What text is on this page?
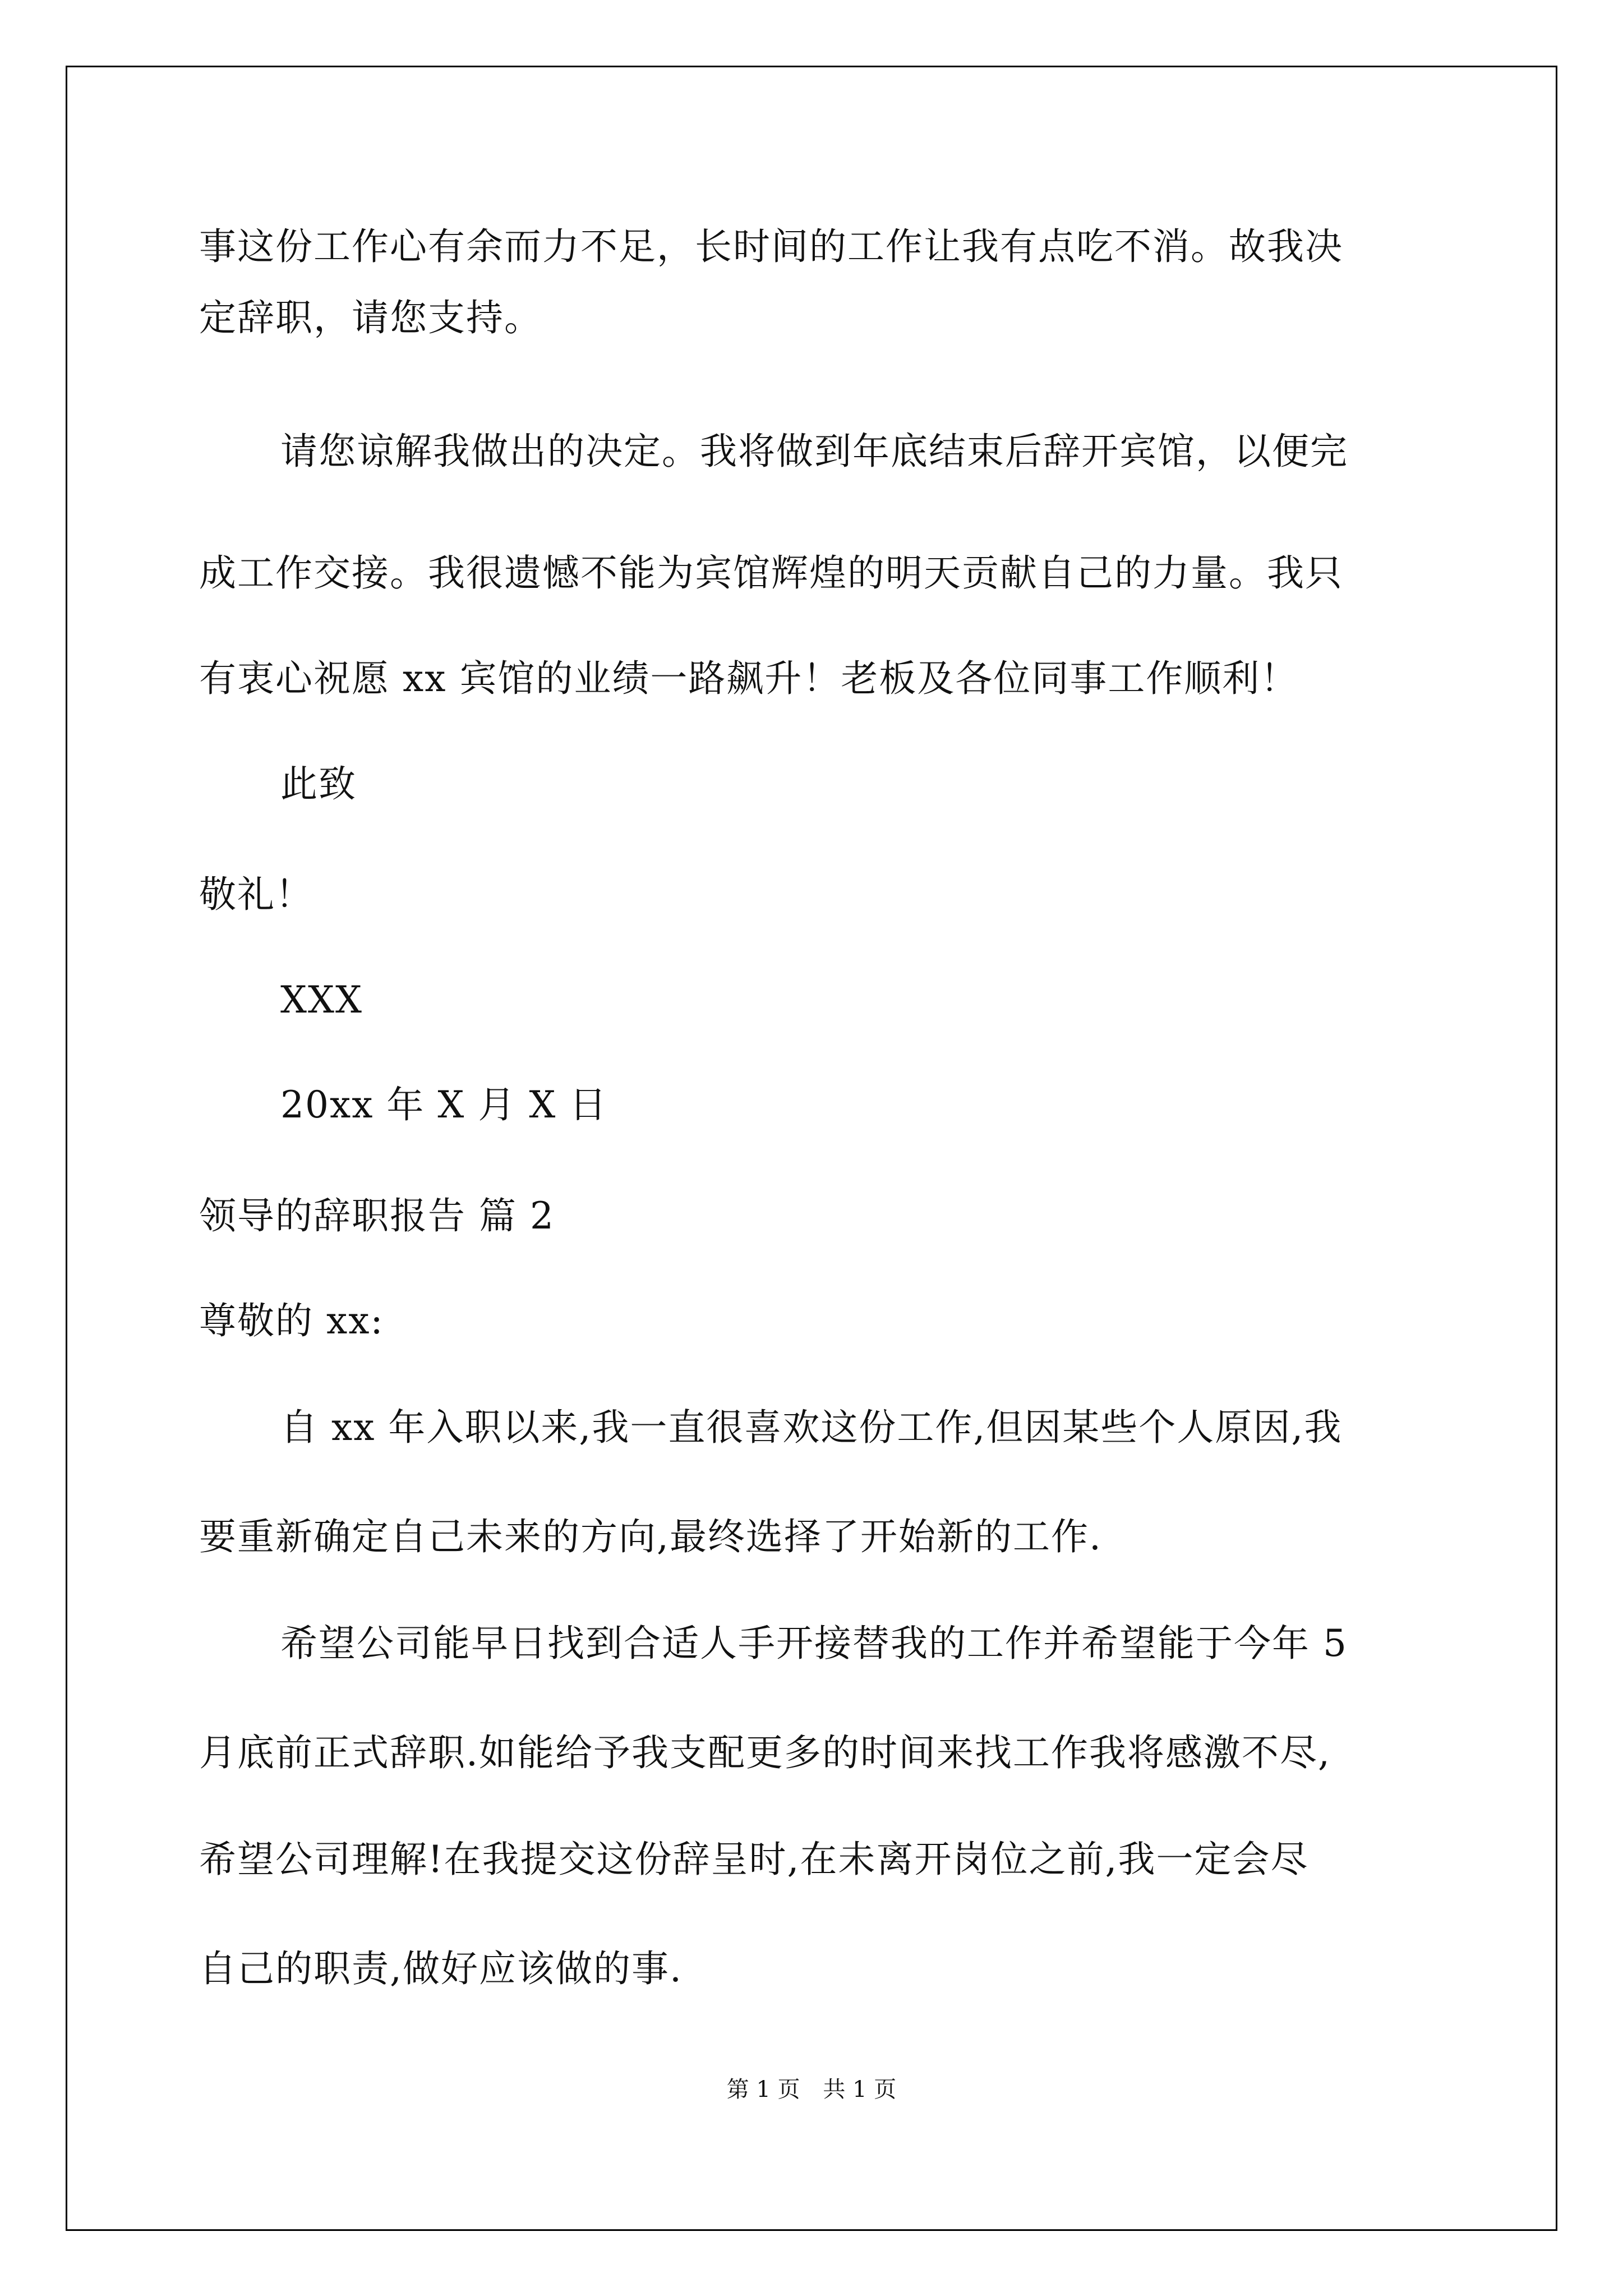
事这份工作心有余而力不足，长时间的工作让我有点吃不消。故我决
定辞职，请您支持。
请您谅解我做出的决定。我将做到年底结束后辞开宾馆，以便完
成工作交接。我很遗憾不能为宾馆辉煌的明天贡献自己的力量。我只
有衷心祝愿 xx 宾馆的业绩一路飙升！老板及各位同事工作顺利！
此致
敬礼！
XXX
20xx 年 X 月 X 日
领导的辞职报告 篇 2
尊敬的 xx:
自 xx 年入职以来,我一直很喜欢这份工作,但因某些个人原因,我
要重新确定自己未来的方向,最终选择了开始新的工作.
希望公司能早日找到合适人手开接替我的工作并希望能于今年 5
月底前正式辞职.如能给予我支配更多的时间来找工作我将感激不尽,
希望公司理解!在我提交这份辞呈时,在未离开岗位之前,我一定会尽
自己的职责,做好应该做的事.
第 1 页 共 1 页
